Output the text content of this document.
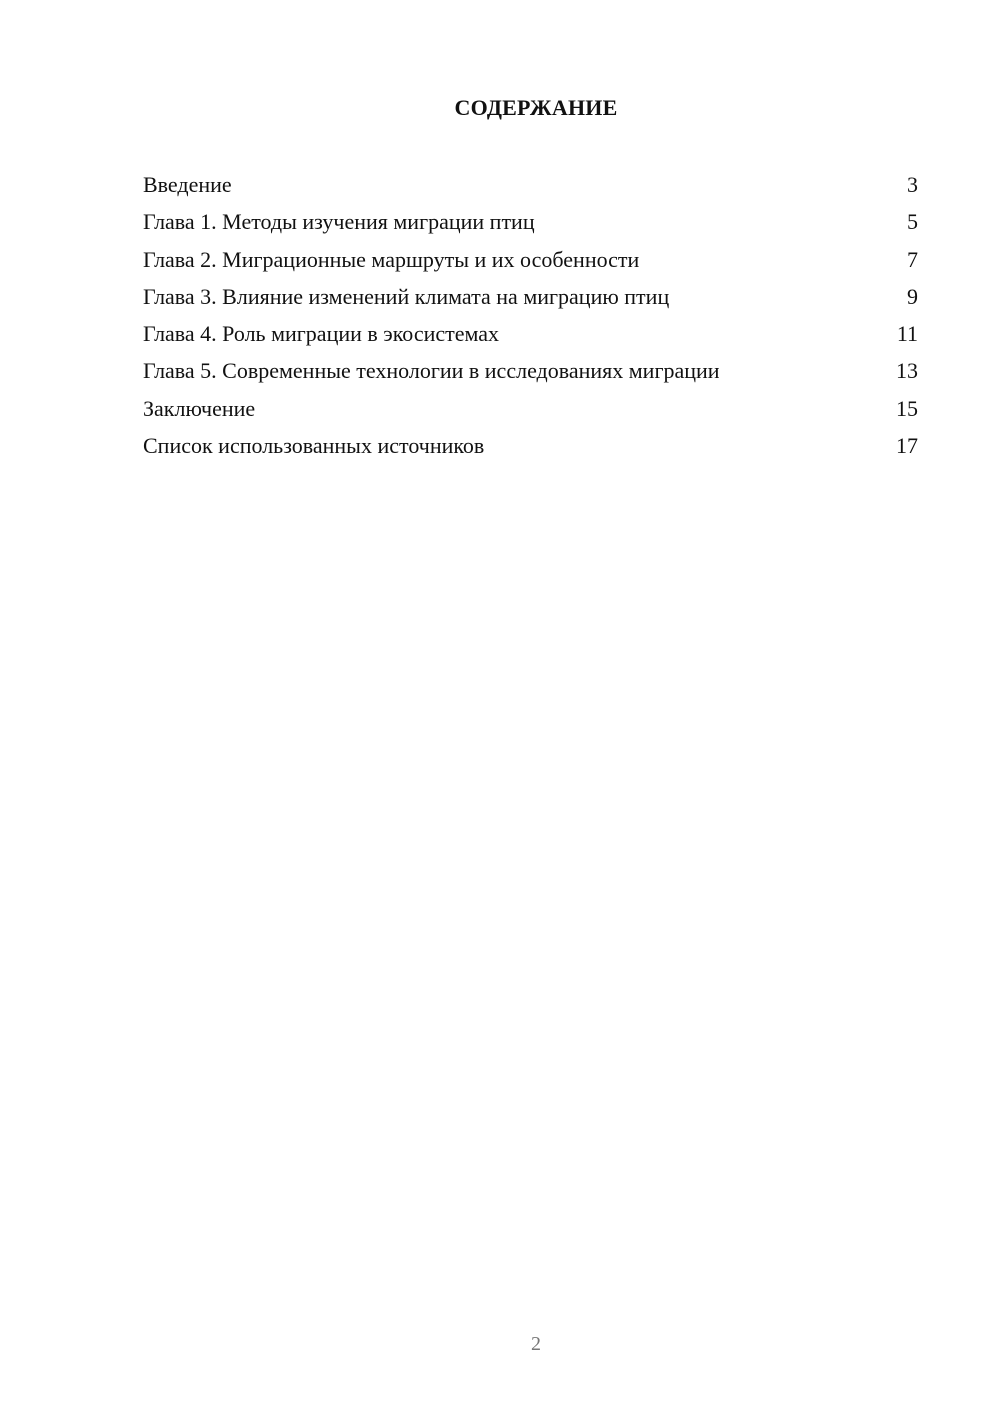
СОДЕРЖАНИЕ
Введение	3
Глава 1. Методы изучения миграции птиц	5
Глава 2. Миграционные маршруты и их особенности	7
Глава 3. Влияние изменений климата на миграцию птиц	9
Глава 4. Роль миграции в экосистемах	11
Глава 5. Современные технологии в исследованиях миграции	13
Заключение	15
Список использованных источников	17
2
